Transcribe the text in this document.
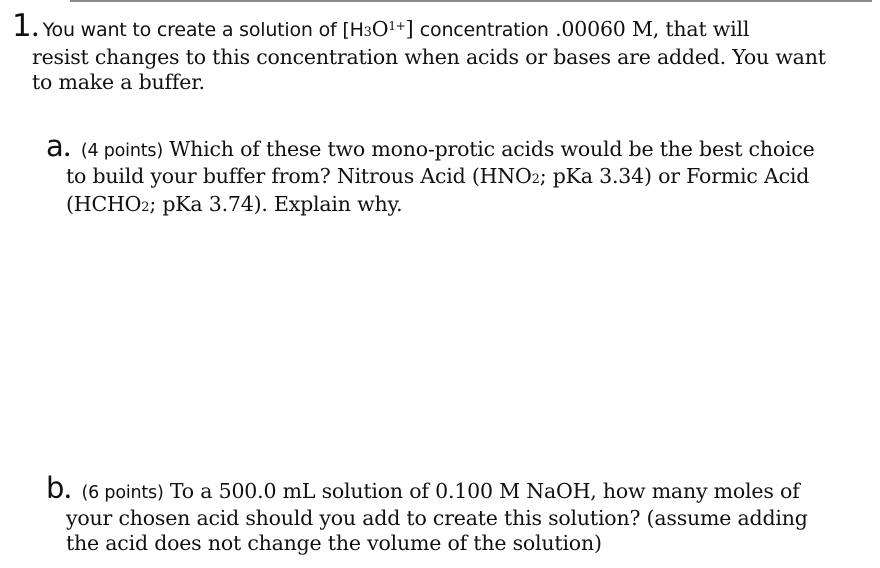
1. You want to create a solution of $[H3O^{1+}]$ concentration .00060 M, that will
resist changes to this concentration when acids or bases are added. You want
to make a buffer.
a. (4 points) Which of these two mono-protic acids would be the best choice
to build your buffer from? Nitrous Acid (HNO2; pKa 3.34) or Formic Acid
(HCHO2; pKa 3.74). Explain why.
b. (6 points) To a 500.0 mL solution of 0.100 M NaOH, how many moles of
your chosen acid should you add to create this solution? (assume adding
the acid does not change the volume of the solution)
